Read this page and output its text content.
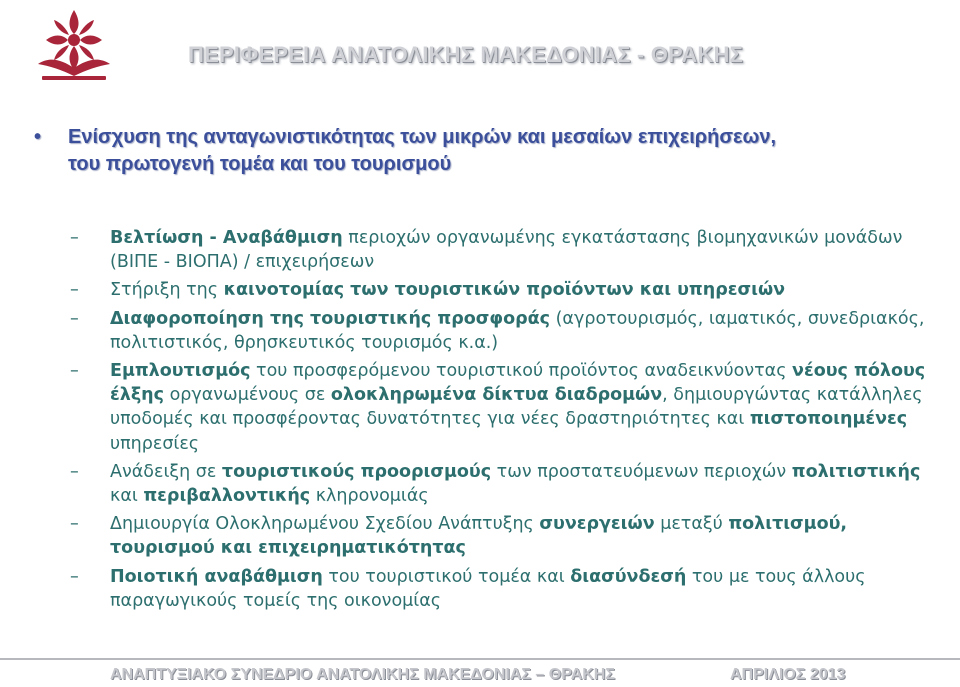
ΠΕΡΙΦΕΡΕΙΑ ΑΝΑΤΟΛΙΚΗΣ ΜΑΚΕΔΟΝΙΑΣ - ΘΡΑΚΗΣ
• Ενίσχυση της ανταγωνιστικότητας των μικρών και μεσαίων επιχειρήσεων,
του πρωτογενή τομέα και του τουρισμού
– Βελτίωση - Αναβάθμιση περιοχών οργανωμένης εγκατάστασης βιομηχανικών μονάδων (ΒΙΠΕ - ΒΙΟΠΑ) / επιχειρήσεων
– Στήριξη της καινοτομίας των τουριστικών προϊόντων και υπηρεσιών
– Διαφοροποίηση της τουριστικής προσφοράς (αγροτουρισμός, ιαματικός, συνεδριακός, πολιτιστικός, θρησκευτικός τουρισμός κ.α.)
– Εμπλουτισμός του προσφερόμενου τουριστικού προϊόντος αναδεικνύοντας νέους πόλους έλξης οργανωμένους σε ολοκληρωμένα δίκτυα διαδρομών, δημιουργώντας κατάλληλες υποδομές και προσφέροντας δυνατότητες για νέες δραστηριότητες και πιστοποιημένες υπηρεσίες
– Ανάδειξη σε τουριστικούς προορισμούς των προστατευόμενων περιοχών πολιτιστικής και περιβαλλοντικής κληρονομιάς
– Δημιουργία Ολοκληρωμένου Σχεδίου Ανάπτυξης συνεργειών μεταξύ πολιτισμού, τουρισμού και επιχειρηματικότητας
– Ποιοτική αναβάθμιση του τουριστικού τομέα και διασύνδεσή του με τους άλλους παραγωγικούς τομείς της οικονομίας
ΑΝΑΠΤΥΞΙΑΚΟ ΣΥΝΕΔΡΙΟ ΑΝΑΤΟΛΙΚΗΣ ΜΑΚΕΔΟΝΙΑΣ – ΘΡΑΚΗΣ	ΑΠΡΙΛΙΟΣ 2013
